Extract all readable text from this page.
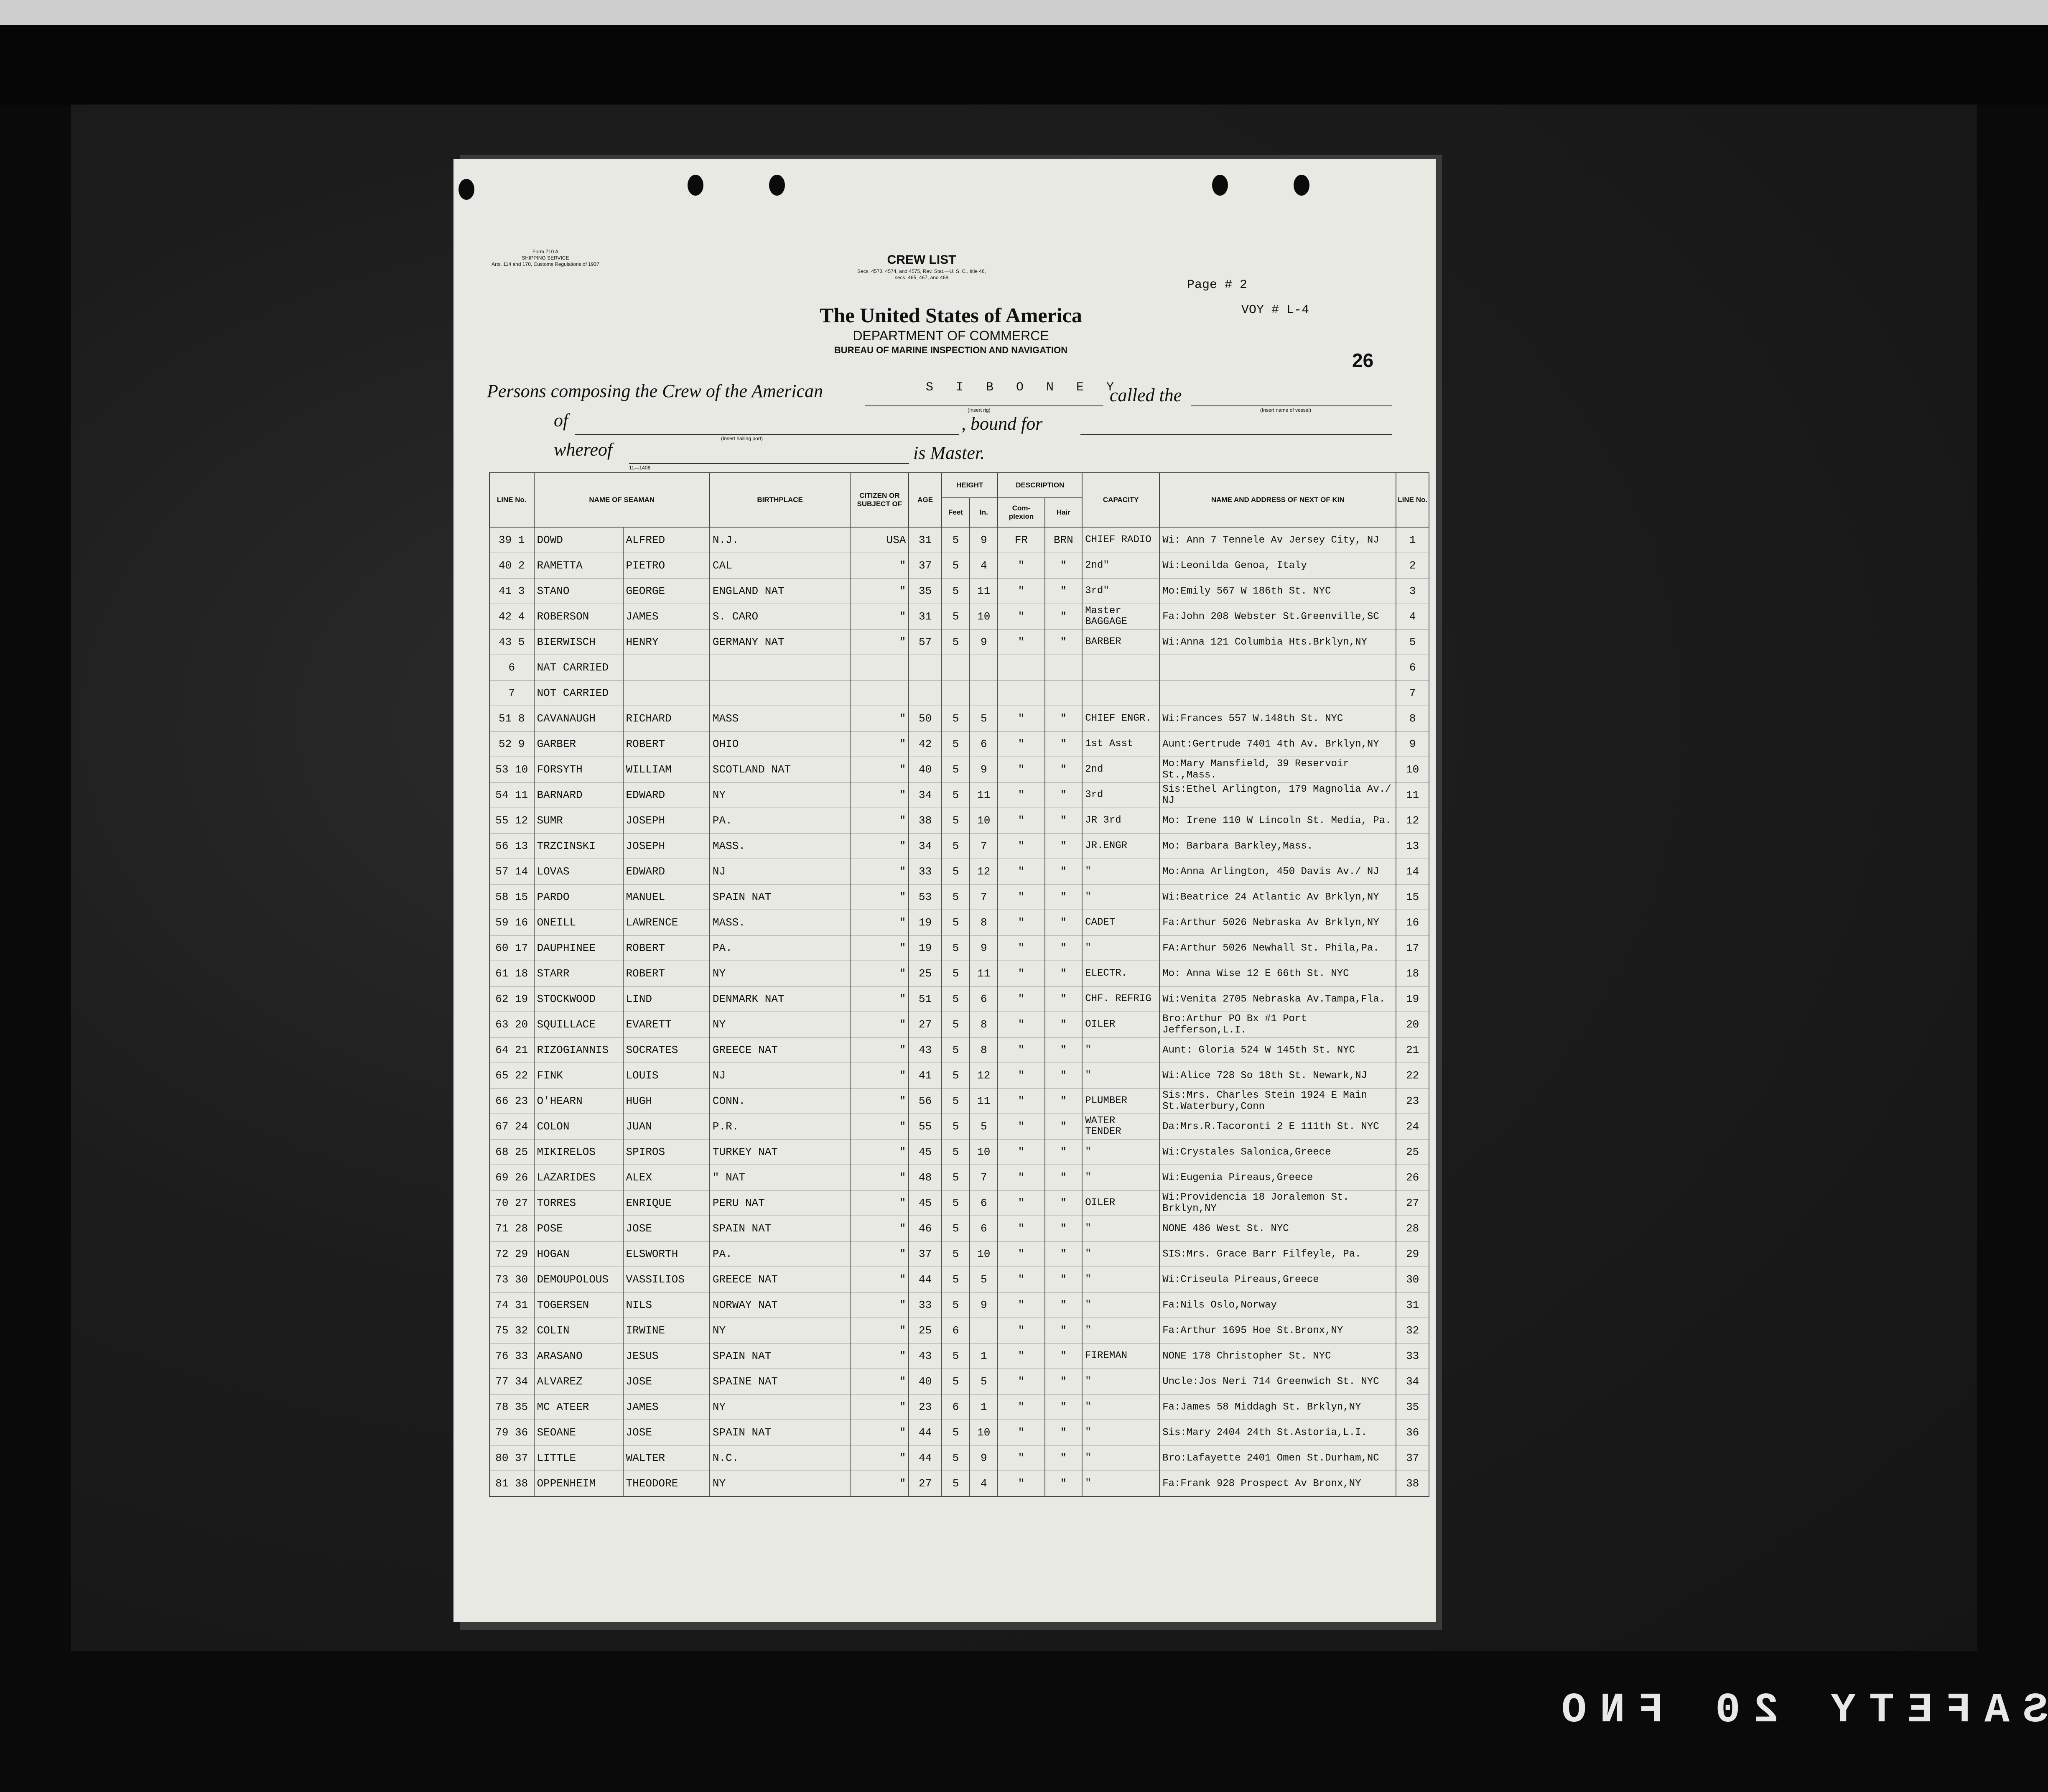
SAFETY 20 FNO
Form 710 A
SHIPPING SERVICE
Arts. 114 and 170, Customs Regulations of 1937	CREW LIST
Secs. 4573, 4574, and 4575, Rev. Stat.—U. S. C., title 46,
secs. 465, 467, and 468
The United States of America
DEPARTMENT OF COMMERCE
BUREAU OF MARINE INSPECTION AND NAVIGATION
Page # 2
VOY # L-4
26
Persons composing the Crew of the American	S I B O N E Y
(Insert rig)
called the
(Insert name of vessel)
of
(Insert hailing port)
, bound for
whereof
11—1406
is Master.
LINE No.	NAME OF SEAMAN		BIRTHPLACE	CITIZEN OR SUBJECT OF	AGE	HEIGHT		DESCRIPTION		CAPACITY	NAME AND ADDRESS OF NEXT OF KIN	LINE No.
						Feet	In.	Com- plexion	Hair			
39 1	DOWD	ALFRED	N.J.	USA	31	5	9	FR	BRN	CHIEF RADIO	Wi: Ann 7 Tennele Av Jersey City, NJ	1
40 2	RAMETTA	PIETRO	CAL	"	37	5	4	"	"	2nd"	Wi:Leonilda Genoa, Italy	2
41 3	STANO	GEORGE	ENGLAND NAT	"	35	5	11	"	"	3rd"	Mo:Emily 567 W 186th St. NYC	3
42 4	ROBERSON	JAMES	S. CARO	"	31	5	10	"	"	Master BAGGAGE	Fa:John 208 Webster St.Greenville,SC	4
43 5	BIERWISCH	HENRY	GERMANY NAT	"	57	5	9	"	"	BARBER	Wi:Anna 121 Columbia Hts.Brklyn,NY	5
6	NAT CARRIED											6
7	NOT CARRIED											7
51 8	CAVANAUGH	RICHARD	MASS	"	50	5	5	"	"	CHIEF ENGR.	Wi:Frances 557 W.148th St. NYC	8
52 9	GARBER	ROBERT	OHIO	"	42	5	6	"	"	1st Asst	Aunt:Gertrude 7401 4th Av. Brklyn,NY	9
53 10	FORSYTH	WILLIAM	SCOTLAND NAT	"	40	5	9	"	"	2nd	Mo:Mary Mansfield, 39 Reservoir St.,Mass.	10
54 11	BARNARD	EDWARD	NY	"	34	5	11	"	"	3rd	Sis:Ethel Arlington, 179 Magnolia Av./ NJ	11
55 12	SUMR	JOSEPH	PA.	"	38	5	10	"	"	JR 3rd	Mo: Irene 110 W Lincoln St. Media, Pa.	12
56 13	TRZCINSKI	JOSEPH	MASS.	"	34	5	7	"	"	JR.ENGR	Mo: Barbara Barkley,Mass.	13
57 14	LOVAS	EDWARD	NJ	"	33	5	12	"	"	"	Mo:Anna Arlington, 450 Davis Av./ NJ	14
58 15	PARDO	MANUEL	SPAIN NAT	"	53	5	7	"	"	"	Wi:Beatrice 24 Atlantic Av Brklyn,NY	15
59 16	ONEILL	LAWRENCE	MASS.	"	19	5	8	"	"	CADET	Fa:Arthur 5026 Nebraska Av Brklyn,NY	16
60 17	DAUPHINEE	ROBERT	PA.	"	19	5	9	"	"	"	FA:Arthur 5026 Newhall St. Phila,Pa.	17
61 18	STARR	ROBERT	NY	"	25	5	11	"	"	ELECTR.	Mo: Anna Wise 12 E 66th St. NYC	18
62 19	STOCKWOOD	LIND	DENMARK NAT	"	51	5	6	"	"	CHF. REFRIG	Wi:Venita 2705 Nebraska Av.Tampa,Fla.	19
63 20	SQUILLACE	EVARETT	NY	"	27	5	8	"	"	OILER	Bro:Arthur PO Bx #1 Port Jefferson,L.I.	20
64 21	RIZOGIANNIS	SOCRATES	GREECE NAT	"	43	5	8	"	"	"	Aunt: Gloria 524 W 145th St. NYC	21
65 22	FINK	LOUIS	NJ	"	41	5	12	"	"	"	Wi:Alice 728 So 18th St. Newark,NJ	22
66 23	O'HEARN	HUGH	CONN.	"	56	5	11	"	"	PLUMBER	Sis:Mrs. Charles Stein 1924 E Main St.Waterbury,Conn	23
67 24	COLON	JUAN	P.R.	"	55	5	5	"	"	WATER TENDER	Da:Mrs.R.Tacoronti 2 E 111th St. NYC	24
68 25	MIKIRELOS	SPIROS	TURKEY NAT	"	45	5	10	"	"	"	Wi:Crystales Salonica,Greece	25
69 26	LAZARIDES	ALEX	" NAT	"	48	5	7	"	"	"	Wi:Eugenia Pireaus,Greece	26
70 27	TORRES	ENRIQUE	PERU NAT	"	45	5	6	"	"	OILER	Wi:Providencia 18 Joralemon St. Brklyn,NY	27
71 28	POSE	JOSE	SPAIN NAT	"	46	5	6	"	"	"	NONE 486 West St. NYC	28
72 29	HOGAN	ELSWORTH	PA.	"	37	5	10	"	"	"	SIS:Mrs. Grace Barr Filfeyle, Pa.	29
73 30	DEMOUPOLOUS	VASSILIOS	GREECE NAT	"	44	5	5	"	"	"	Wi:Criseula Pireaus,Greece	30
74 31	TOGERSEN	NILS	NORWAY NAT	"	33	5	9	"	"	"	Fa:Nils Oslo,Norway	31
75 32	COLIN	IRWINE	NY	"	25	6		"	"	"	Fa:Arthur 1695 Hoe St.Bronx,NY	32
76 33	ARASANO	JESUS	SPAIN NAT	"	43	5	1	"	"	FIREMAN	NONE 178 Christopher St. NYC	33
77 34	ALVAREZ	JOSE	SPAINE NAT	"	40	5	5	"	"	"	Uncle:Jos Neri 714 Greenwich St. NYC	34
78 35	MC ATEER	JAMES	NY	"	23	6	1	"	"	"	Fa:James 58 Middagh St. Brklyn,NY	35
79 36	SEOANE	JOSE	SPAIN NAT	"	44	5	10	"	"	"	Sis:Mary 2404 24th St.Astoria,L.I.	36
80 37	LITTLE	WALTER	N.C.	"	44	5	9	"	"	"	Bro:Lafayette 2401 Omen St.Durham,NC	37
81 38	OPPENHEIM	THEODORE	NY	"	27	5	4	"	"	"	Fa:Frank 928 Prospect Av Bronx,NY	38
